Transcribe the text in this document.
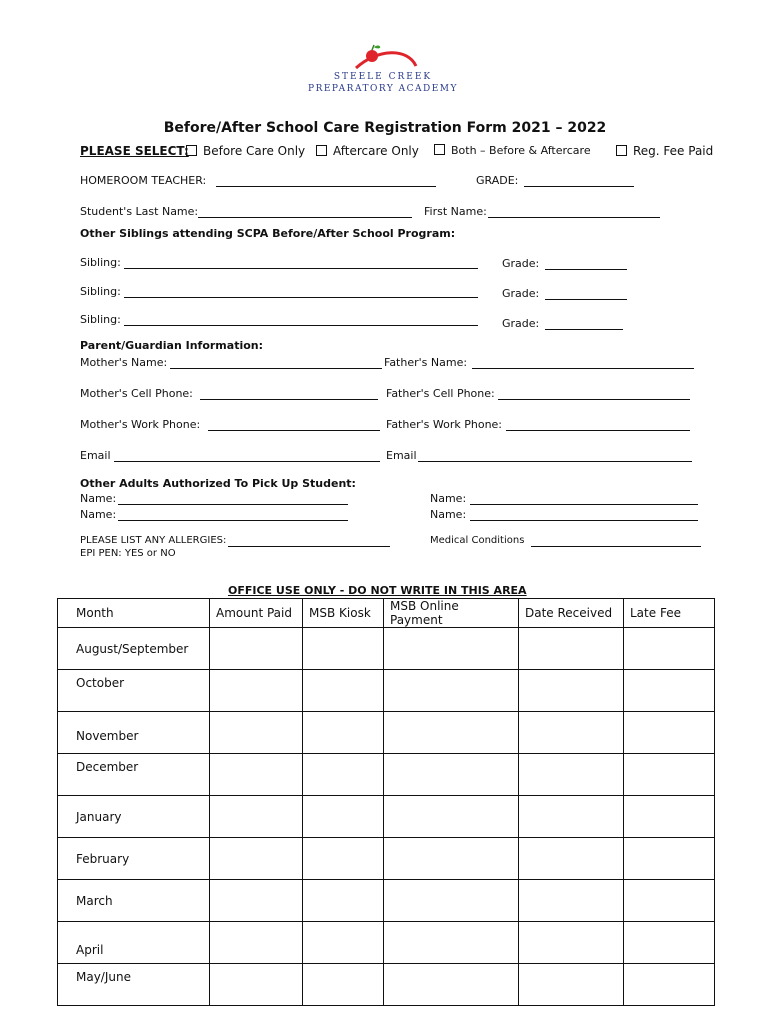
STEELE CREEK
PREPARATORY ACADEMY
Before/After School Care Registration Form 2021 – 2022
PLEASE SELECT:	Before Care Only	Aftercare Only	Both – Before & Aftercare	Reg. Fee Paid
HOMEROOM TEACHER:	GRADE:
Student's Last Name:	First Name:
Other Siblings attending SCPA Before/After School Program:
Sibling:	Grade:
Sibling:	Grade:
Sibling:	Grade:
Parent/Guardian Information:
Mother's Name:	Father's Name:
Mother's Cell Phone:	Father's Cell Phone:
Mother's Work Phone:	Father's Work Phone:
Email	Email
Other Adults Authorized To Pick Up Student:
Name:	Name:
Name:	Name:
PLEASE LIST ANY ALLERGIES:
EPI PEN: YES or NO
Medical Conditions
OFFICE USE ONLY - DO NOT WRITE IN THIS AREA
Month	Amount Paid	MSB Kiosk	MSB Online Payment	Date Received	Late Fee
August/September					
October					
November					
December					
January					
February					
March					
April					
May/June					
